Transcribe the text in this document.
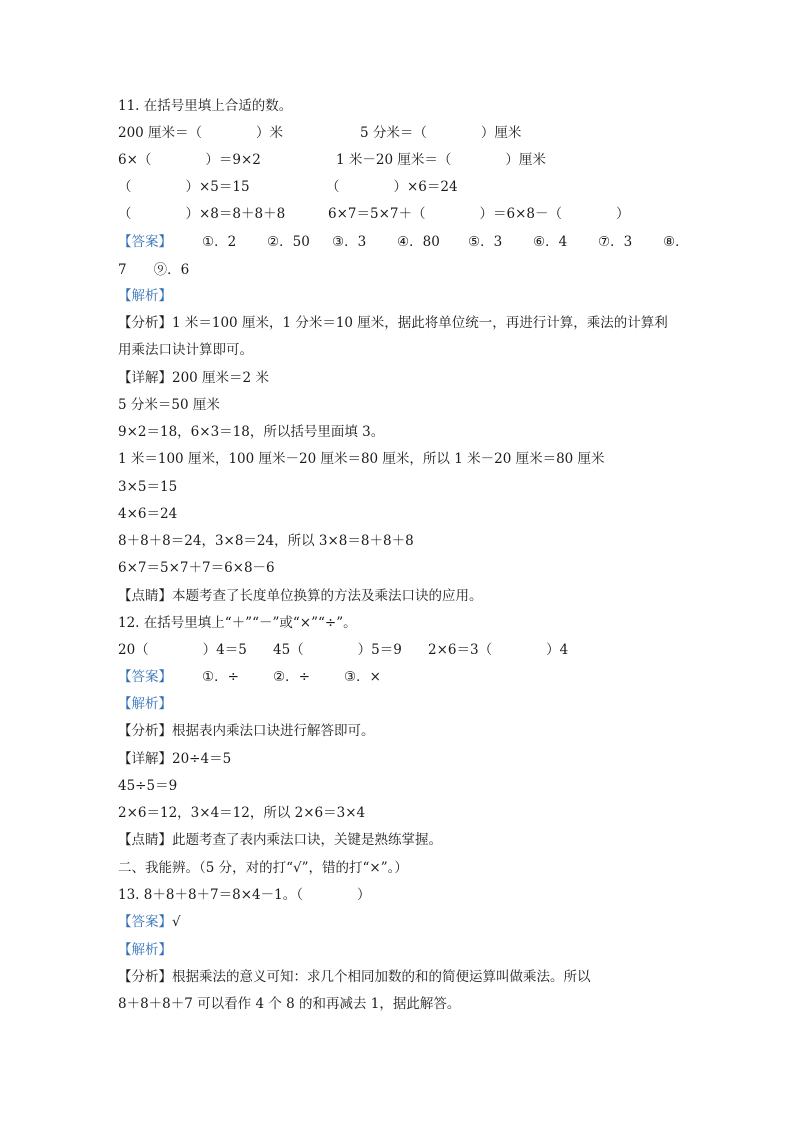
11. 在括号里填上合适的数。

200 厘米＝（　　　　）米

	5 分米＝（　　　　）厘米

6×（　　　　）＝9×2

	1 米－20 厘米＝（　　　　）厘米

（　　　　）×5＝15

	（　　　　）×6＝24

（　　　　）×8＝8＋8＋8

	6×7＝5×7＋（　　　　）＝6×8－（　　　　）

【答案】

①．2

②．50

③．3

④．80

⑤．3

⑥．4

⑦．3

⑧．

7　　⑨．6
【解析】

【分析】

1 米＝100 厘米，1 分米＝10 厘米，据此将单位统一，再进行计算，乘法的计算利

用乘法口诀计算即可。

【详解】

200 厘米＝2 米

5 分米＝50 厘米
9×2＝18，6×3＝18，所以括号里面填 3。
1 米＝100 厘米，100 厘米－20 厘米＝80 厘米，所以 1 米－20 厘米＝80 厘米
3×5＝15
4×6＝24
8＋8＋8＝24，3×8＝24，所以 3×8＝8＋8＋8
6×7＝5×7＋7＝6×8－6

【点睛】

本题考查了长度单位换算的方法及乘法口诀的应用。

12. 在括号里填上“＋”“－”或“×”“÷”。

20（　　　　）4＝5

45（　　　　）5＝9

2×6＝3（　　　　）4

【答案】

①．÷

	②．÷

	③．×

【解析】

【分析】

根据表内乘法口诀进行解答即可。

【详解】

20÷4＝5

45÷5＝9
2×6＝12，3×4＝12，所以 2×6＝3×4

【点睛】

此题考查了表内乘法口诀，关键是熟练掌握。

二、我能辨。（5 分，对的打“√”，错的打“×”。）
13. 8＋8＋8＋7＝8×4－1。（　　　　）

【答案】

√

【解析】

【分析】

根据乘法的意义可知：求几个相同加数的和的简便运算叫做乘法。所以

8＋8＋8＋7 可以看作 4 个 8 的和再减去 1，据此解答。
